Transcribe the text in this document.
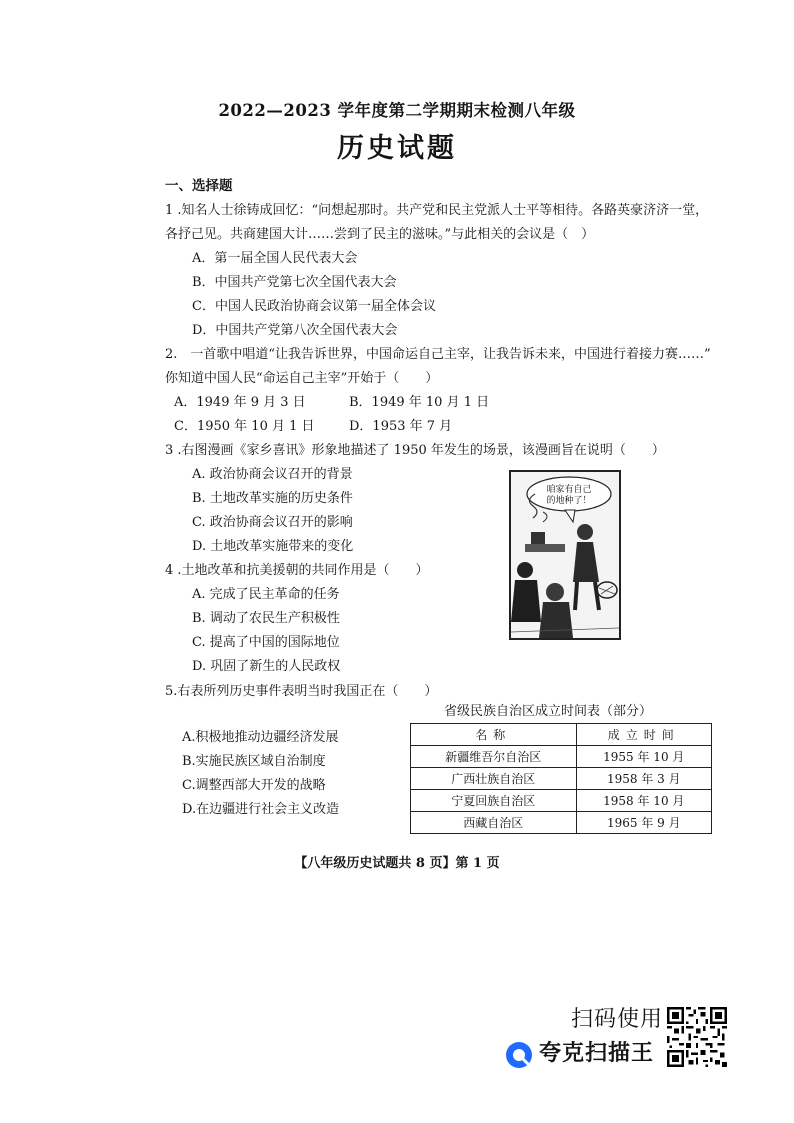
2022—2023 学年度第二学期期末检测八年级
历史试题
一、选择题
1 .知名人士徐铸成回忆：“问想起那时。共产党和民主党派人士平等相待。各路英豪济济一堂，
各抒己见。共商建国大计……尝到了民主的滋味。”与此相关的会议是（　）
A．第一届全国人民代表大会
B．中国共产党第七次全国代表大会
C．中国人民政治协商会议第一届全体会议
D．中国共产党第八次全国代表大会
2.　一首歌中唱道“让我告诉世界，中国命运自己主宰，让我告诉未来，中国进行着接力赛……”
你知道中国人民“命运自己主宰”开始于（　　）
A．1949 年 9 月 3 日	B．1949 年 10 月 1 日
C．1950 年 10 月 1 日	D．1953 年 7 月
3 .右图漫画《家乡喜讯》形象地描述了 1950 年发生的场景，该漫画旨在说明（　　）
A. 政治协商会议召开的背景
B. 土地改革实施的历史条件
C. 政治协商会议召开的影响
D. 土地改革实施带来的变化
咱家有自己
的地种了！
4 .土地改革和抗美援朝的共同作用是（　　）
A. 完成了民主革命的任务
B. 调动了农民生产积极性
C. 提高了中国的国际地位
D. 巩固了新生的人民政权
5.右表所列历史事件表明当时我国正在（　　）
A.积极地推动边疆经济发展
B.实施民族区域自治制度
C.调整西部大开发的战略
D.在边疆进行社会主义改造
省级民族自治区成立时间表（部分）
名称	成立时间
新疆维吾尔自治区	1955 年 10 月
广西壮族自治区	1958 年 3 月
宁夏回族自治区	1958 年 10 月
西藏自治区	1965 年 9 月
【八年级历史试题共 8 页】第 1 页
扫码使用
夸克扫描王
